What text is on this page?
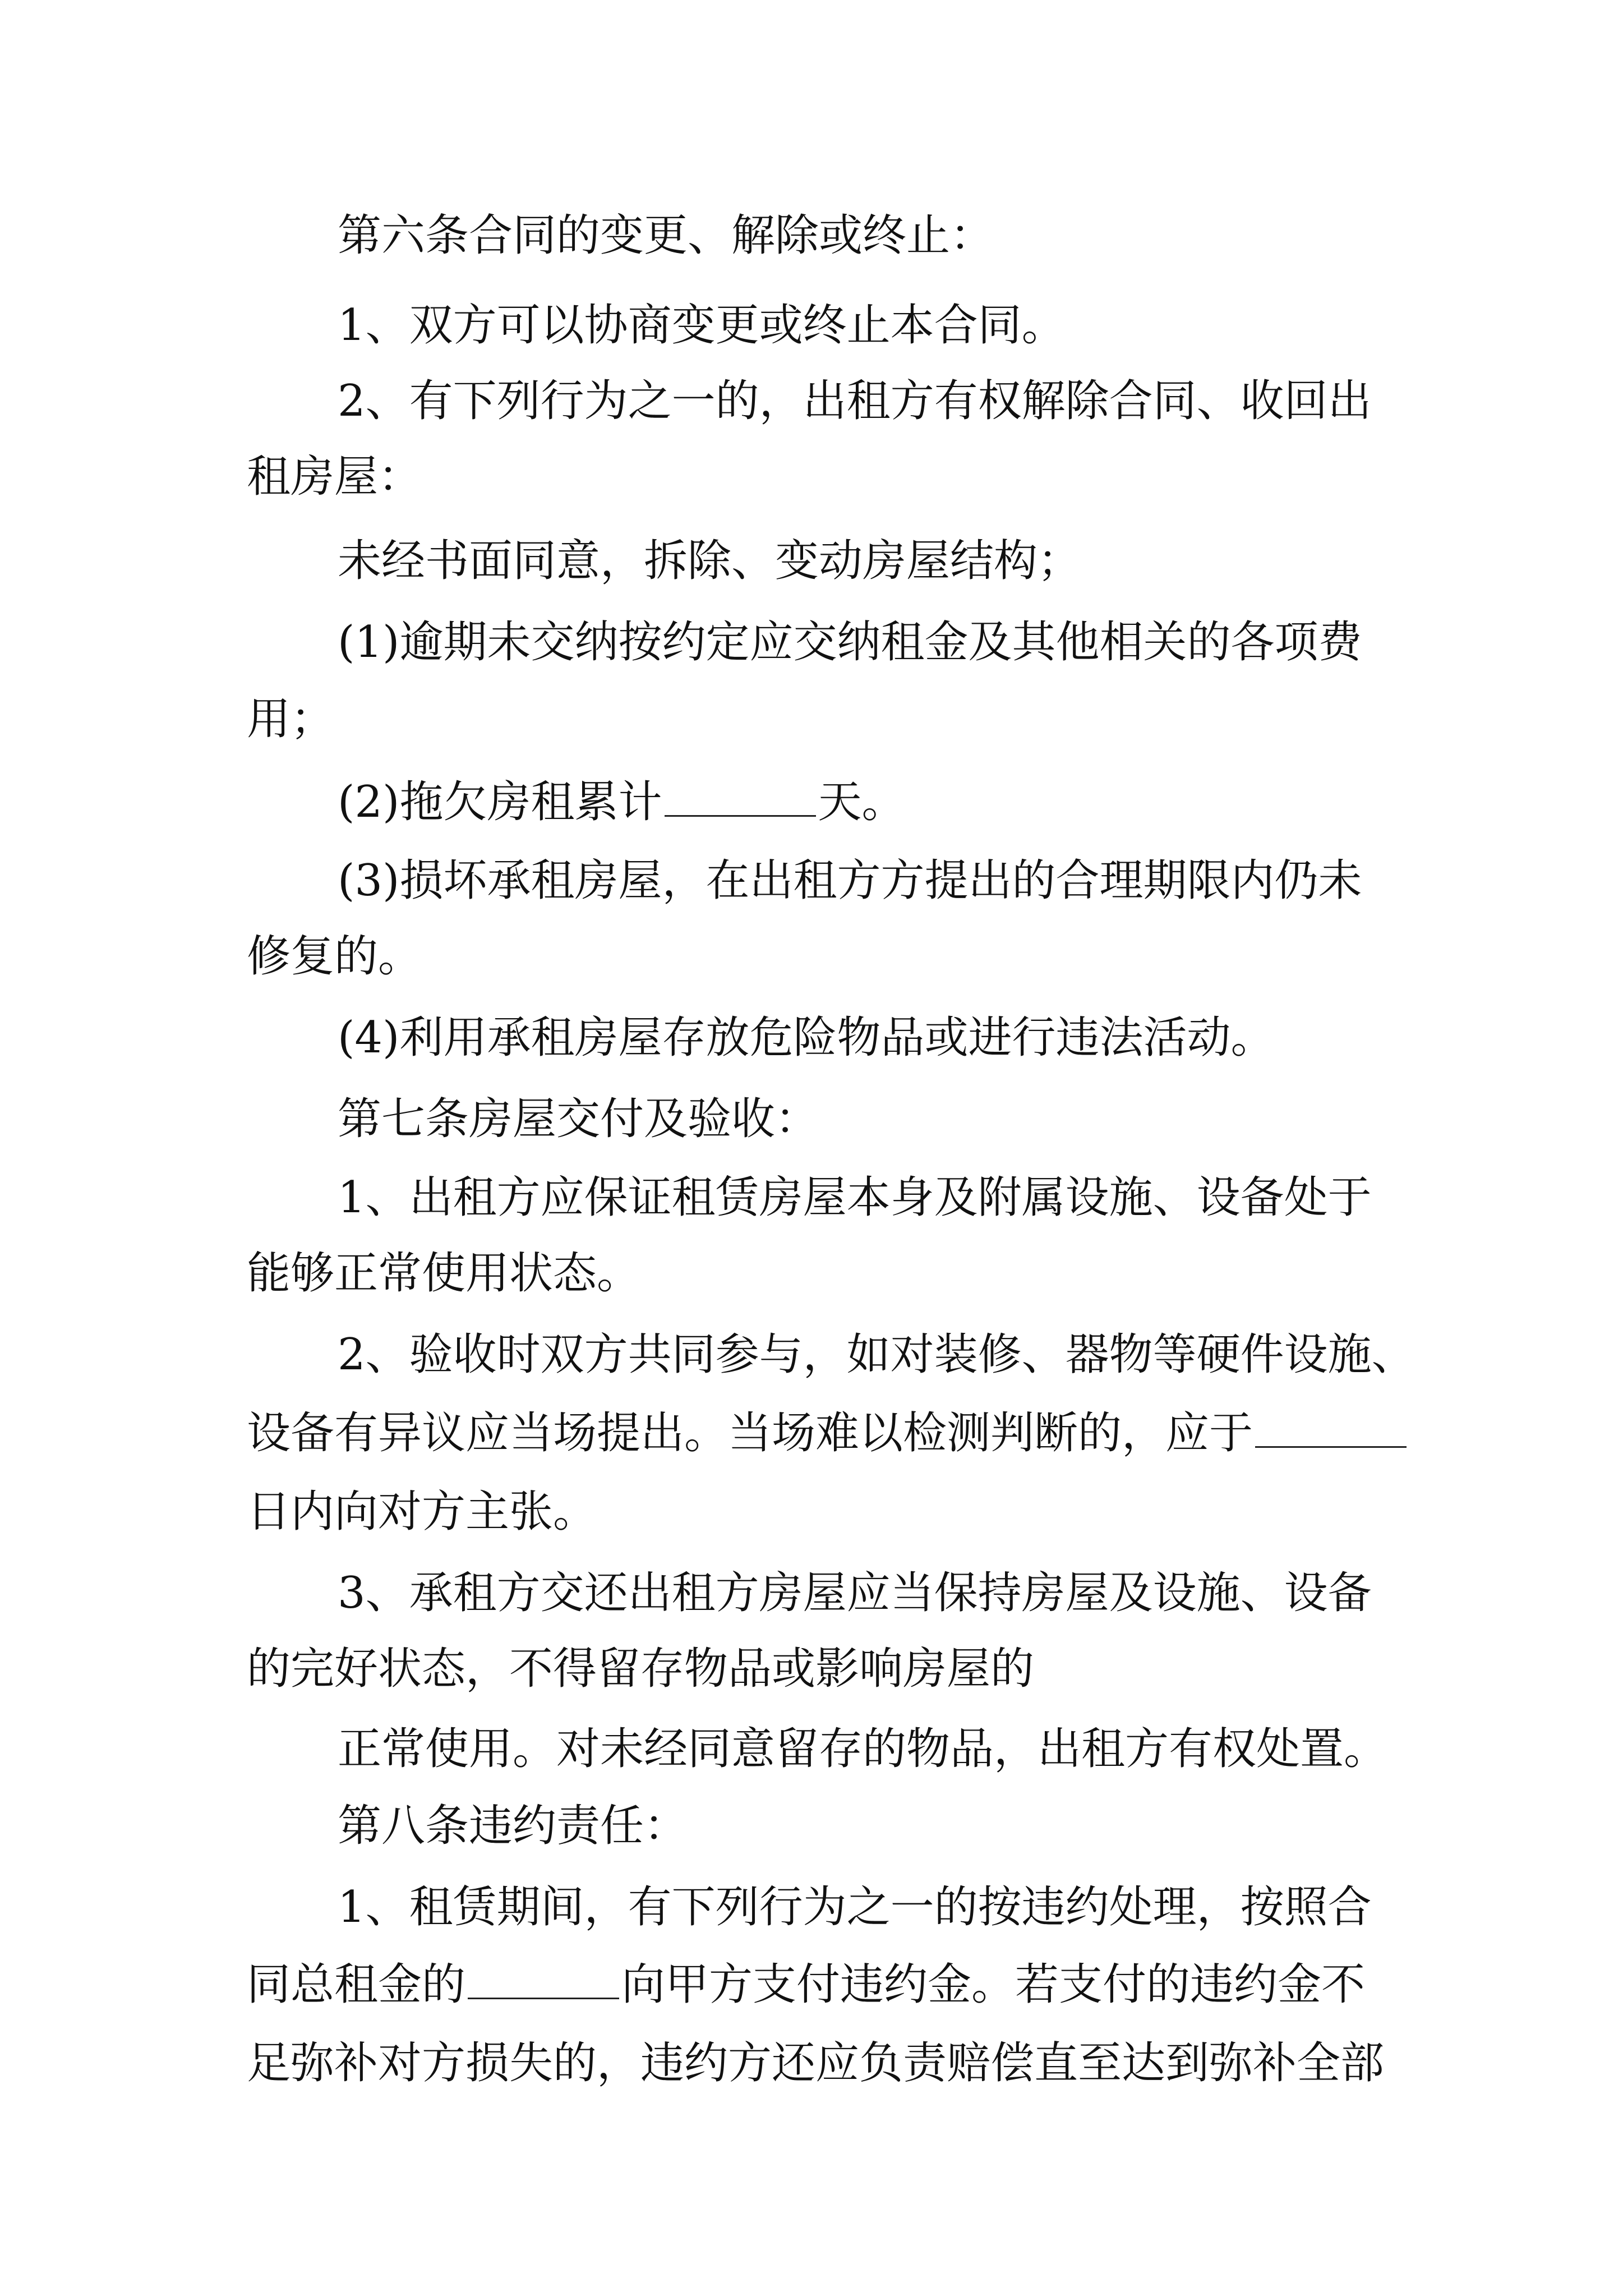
第六条合同的变更、解除或终止：

1、双方可以协商变更或终止本合同。

2、有下列行为之一的，出租方有权解除合同、收回出

租房屋：

未经书面同意，拆除、变动房屋结构；

(1)逾期未交纳按约定应交纳租金及其他相关的各项费

用；

(2)拖欠房租累计	天。

(3)损坏承租房屋，在出租方方提出的合理期限内仍未

修复的。

(4)利用承租房屋存放危险物品或进行违法活动。

第七条房屋交付及验收：

1、出租方应保证租赁房屋本身及附属设施、设备处于

能够正常使用状态。

2、验收时双方共同参与，如对装修、器物等硬件设施、

设备有异议应当场提出。当场难以检测判断的，应于

日内向对方主张。

3、承租方交还出租方房屋应当保持房屋及设施、设备

的完好状态，不得留存物品或影响房屋的

正常使用。对未经同意留存的物品，出租方有权处置。

第八条违约责任：

1、租赁期间，有下列行为之一的按违约处理，按照合

同总租金的	向甲方支付违约金。若支付的违约金不

足弥补对方损失的，违约方还应负责赔偿直至达到弥补全部
